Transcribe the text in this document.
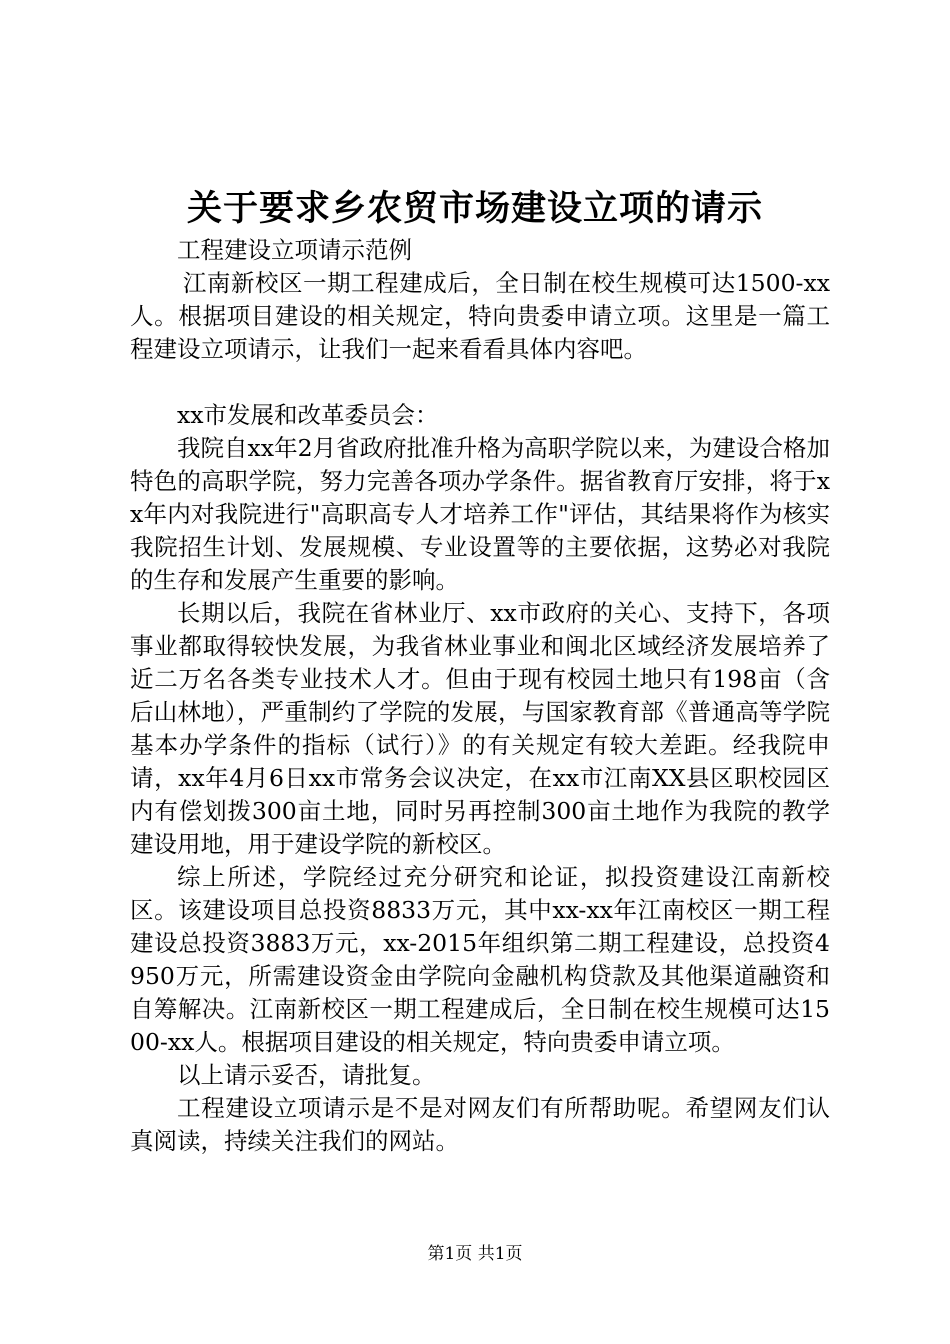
关于要求乡农贸市场建设立项的请示

工程建设立项请示范例

江南新校区一期工程建成后，全日制在校生规模可达1500-xx人。根据项目建设的相关规定，特向贵委申请立项。这里是一篇工程建设立项请示，让我们一起来看看具体内容吧。

xx市发展和改革委员会：

我院自xx年2月省政府批准升格为高职学院以来，为建设合格加特色的高职学院，努力完善各项办学条件。据省教育厅安排，将于xx年内对我院进行"高职高专人才培养工作"评估，其结果将作为核实我院招生计划、发展规模、专业设置等的主要依据，这势必对我院的生存和发展产生重要的影响。

长期以后，我院在省林业厅、xx市政府的关心、支持下，各项事业都取得较快发展，为我省林业事业和闽北区域经济发展培养了近二万名各类专业技术人才。但由于现有校园土地只有198亩（含后山林地），严重制约了学院的发展，与国家教育部《普通高等学院基本办学条件的指标（试行）》的有关规定有较大差距。经我院申请，xx年4月6日xx市常务会议决定，在xx市江南XX县区职校园区内有偿划拨300亩土地，同时另再控制300亩土地作为我院的教学建设用地，用于建设学院的新校区。

综上所述，学院经过充分研究和论证，拟投资建设江南新校区。该建设项目总投资8833万元，其中xx-xx年江南校区一期工程建设总投资3883万元，xx-2015年组织第二期工程建设，总投资4950万元，所需建设资金由学院向金融机构贷款及其他渠道融资和自筹解决。江南新校区一期工程建成后，全日制在校生规模可达1500-xx人。根据项目建设的相关规定，特向贵委申请立项。

以上请示妥否，请批复。

工程建设立项请示是不是对网友们有所帮助呢。希望网友们认真阅读，持续关注我们的网站。

第1页 共1页
